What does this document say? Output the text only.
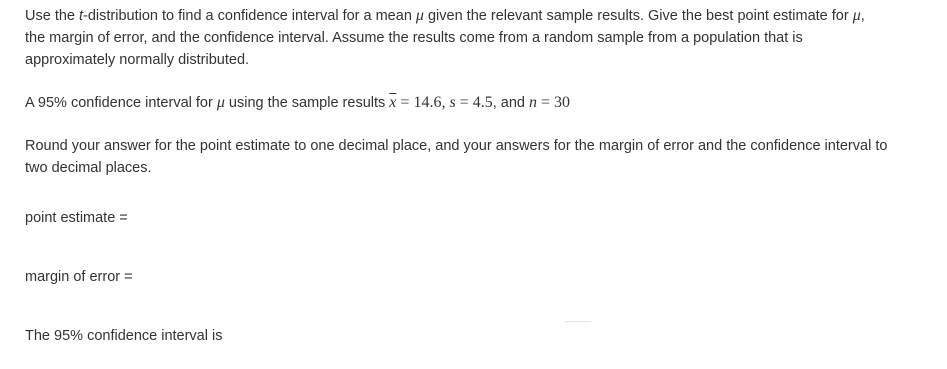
Use the t-distribution to find a confidence interval for a mean μ given the relevant sample results. Give the best point estimate for μ,
the margin of error, and the confidence interval. Assume the results come from a random sample from a population that is
approximately normally distributed.

A 95% confidence interval for μ using the sample results $\overline{x} = 14.6$, s = 4.5, and n = 30
Round your answer for the point estimate to one decimal place, and your answers for the margin of error and the confidence interval to two decimal places.
point estimate =
margin of error =
The 95% confidence interval is
